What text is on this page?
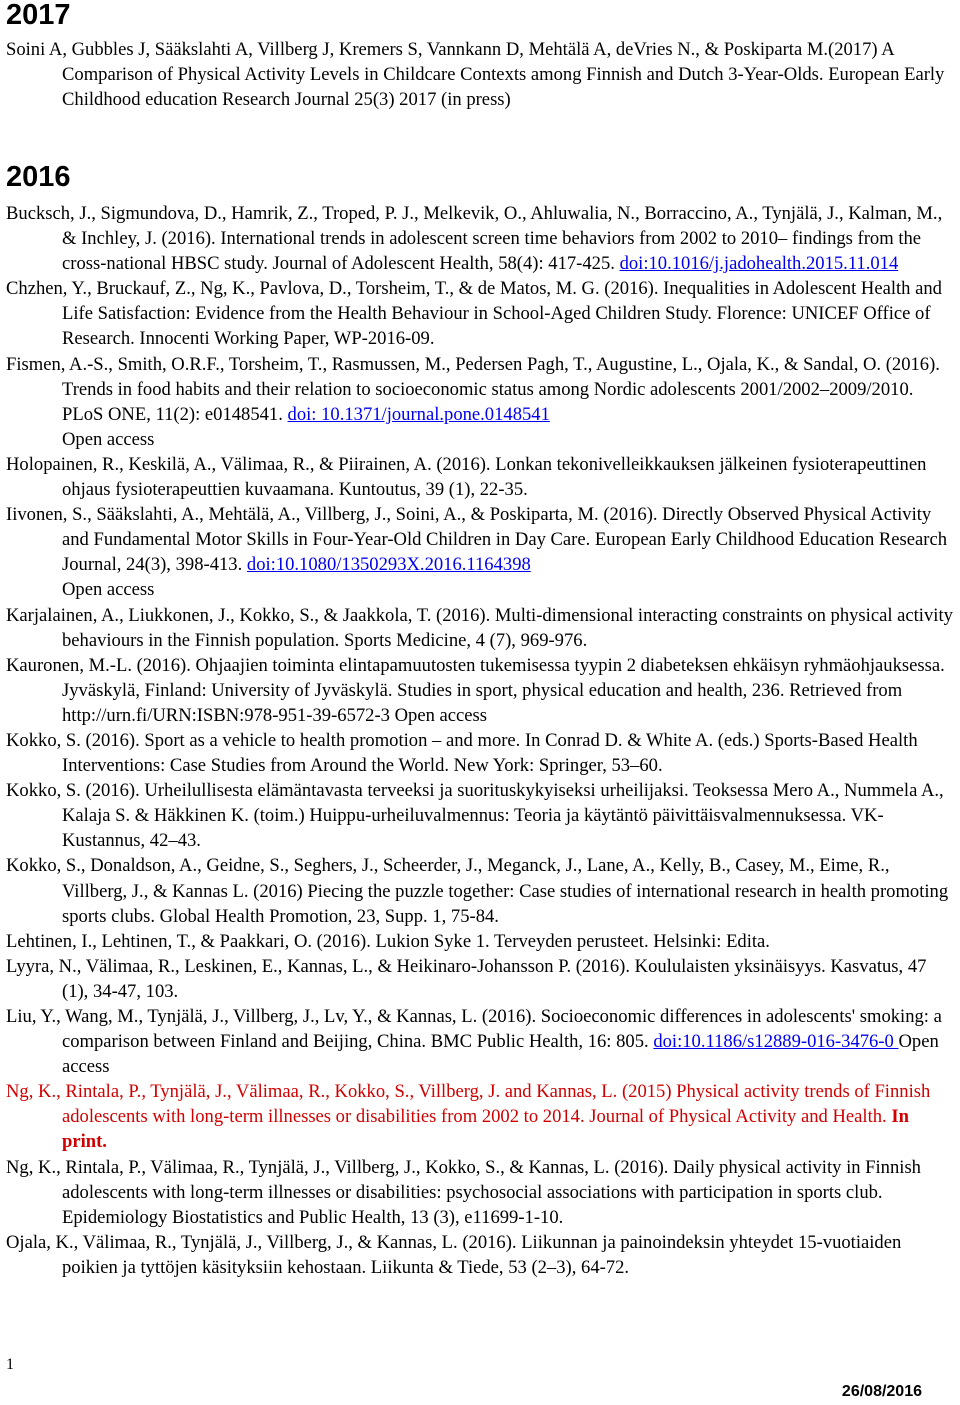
2017

Soini A, Gubbles J, Sääkslahti A, Villberg J, Kremers S, Vannkann D, Mehtälä A, deVries N., & Poskiparta M.(2017) A Comparison of Physical Activity Levels in Childcare Contexts among Finnish and Dutch 3-Year-Olds. European Early Childhood education Research Journal 25(3) 2017 (in press)

2016

Bucksch, J., Sigmundova, D., Hamrik, Z., Troped, P. J., Melkevik, O., Ahluwalia, N., Borraccino, A., Tynjälä, J., Kalman, M., & Inchley, J. (2016). International trends in adolescent screen time behaviors from 2002 to 2010– findings from the cross-national HBSC study. Journal of Adolescent Health, 58(4): 417-425. doi:10.1016/j.jadohealth.2015.11.014

Chzhen, Y., Bruckauf, Z., Ng, K., Pavlova, D., Torsheim, T., & de Matos, M. G. (2016). Inequalities in Adolescent Health and Life Satisfaction: Evidence from the Health Behaviour in School-Aged Children Study. Florence: UNICEF Office of Research. Innocenti Working Paper, WP-2016-09.

Fismen, A.-S., Smith, O.R.F., Torsheim, T., Rasmussen, M., Pedersen Pagh, T., Augustine, L., Ojala, K., & Sandal, O. (2016). Trends in food habits and their relation to socioeconomic status among Nordic adolescents 2001/2002–2009/2010. PLoS ONE, 11(2): e0148541. doi: 10.1371/journal.pone.0148541
Open access

Holopainen, R., Keskilä, A., Välimaa, R., & Piirainen, A. (2016). Lonkan tekonivelleikkauksen jälkeinen fysioterapeuttinen ohjaus fysioterapeuttien kuvaamana. Kuntoutus, 39 (1), 22-35.

Iivonen, S., Sääkslahti, A., Mehtälä, A., Villberg, J., Soini, A., & Poskiparta, M. (2016). Directly Observed Physical Activity and Fundamental Motor Skills in Four-Year-Old Children in Day Care. European Early Childhood Education Research Journal, 24(3), 398-413. doi:10.1080/1350293X.2016.1164398
Open access

Karjalainen, A., Liukkonen, J., Kokko, S., & Jaakkola, T. (2016). Multi-dimensional interacting constraints on physical activity behaviours in the Finnish population. Sports Medicine, 4 (7), 969-976.

Kauronen, M.-L. (2016). Ohjaajien toiminta elintapamuutosten tukemisessa tyypin 2 diabeteksen ehkäisyn ryhmäohjauksessa. Jyväskylä, Finland: University of Jyväskylä. Studies in sport, physical education and health, 236. Retrieved from http://urn.fi/URN:ISBN:978-951-39-6572-3 Open access

Kokko, S. (2016). Sport as a vehicle to health promotion – and more. In Conrad D. & White A. (eds.) Sports-Based Health Interventions: Case Studies from Around the World. New York: Springer, 53–60.

Kokko, S. (2016). Urheilullisesta elämäntavasta terveeksi ja suorituskykyiseksi urheilijaksi. Teoksessa Mero A., Nummela A., Kalaja S. & Häkkinen K. (toim.) Huippu-urheiluvalmennus: Teoria ja käytäntö päivittäisvalmennuksessa. VK-Kustannus, 42–43.

Kokko, S., Donaldson, A., Geidne, S., Seghers, J., Scheerder, J., Meganck, J., Lane, A., Kelly, B., Casey, M., Eime, R., Villberg, J., & Kannas L. (2016) Piecing the puzzle together: Case studies of international research in health promoting sports clubs. Global Health Promotion, 23, Supp. 1, 75-84.

Lehtinen, I., Lehtinen, T., & Paakkari, O. (2016). Lukion Syke 1. Terveyden perusteet. Helsinki: Edita.

Lyyra, N., Välimaa, R., Leskinen, E., Kannas, L., & Heikinaro-Johansson P. (2016). Koululaisten yksinäisyys. Kasvatus, 47 (1), 34-47, 103.

Liu, Y., Wang, M., Tynjälä, J., Villberg, J., Lv, Y., & Kannas, L. (2016). Socioeconomic differences in adolescents' smoking: a comparison between Finland and Beijing, China. BMC Public Health, 16: 805. doi:10.1186/s12889-016-3476-0 Open access

Ng, K., Rintala, P., Tynjälä, J., Välimaa, R., Kokko, S., Villberg, J. and Kannas, L. (2015) Physical activity trends of Finnish adolescents with long-term illnesses or disabilities from 2002 to 2014. Journal of Physical Activity and Health. In print.

Ng, K., Rintala, P., Välimaa, R., Tynjälä, J., Villberg, J., Kokko, S., & Kannas, L. (2016). Daily physical activity in Finnish adolescents with long-term illnesses or disabilities: psychosocial associations with participation in sports club. Epidemiology Biostatistics and Public Health, 13 (3), e11699-1-10.

Ojala, K., Välimaa, R., Tynjälä, J., Villberg, J., & Kannas, L. (2016). Liikunnan ja painoindeksin yhteydet 15-vuotiaiden poikien ja tyttöjen käsityksiin kehostaan. Liikunta & Tiede, 53 (2–3), 64-72.

1
26/08/2016
